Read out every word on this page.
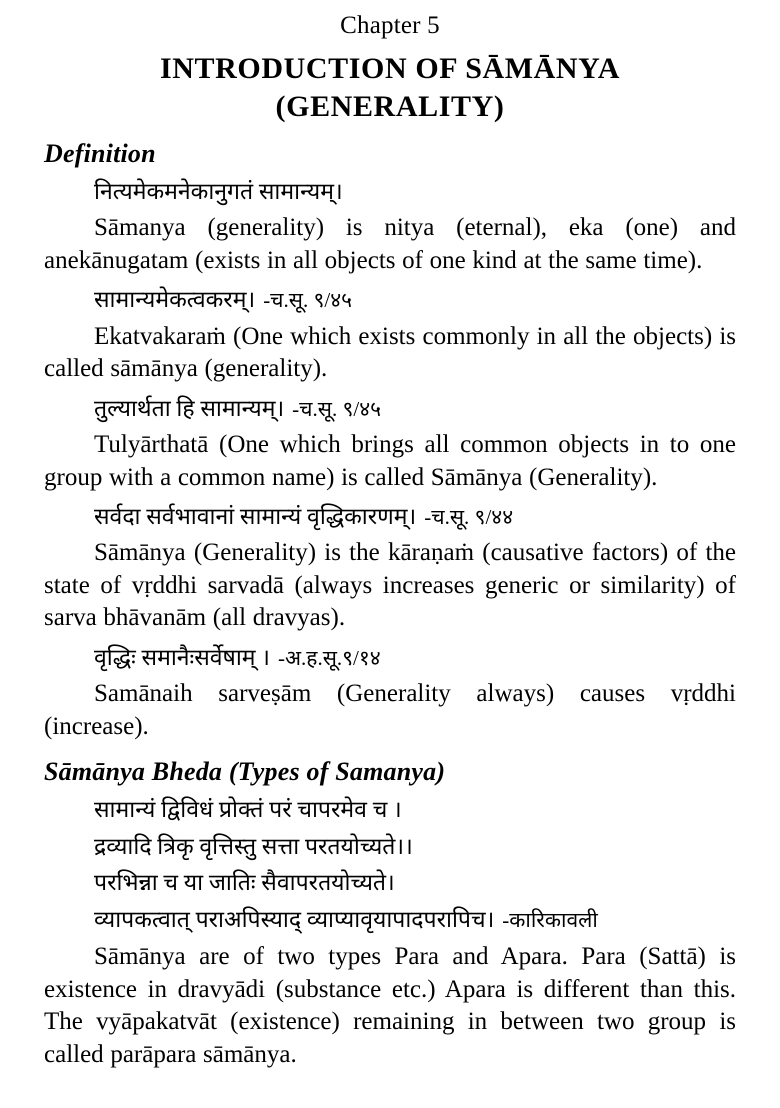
Chapter 5
INTRODUCTION OF SĀMĀNYA
(GENERALITY)
Definition
नित्यमेकमनेकानुगतं सामान्यम्।

Sāmanya (generality) is nitya (eternal), eka (one) and anekānugatam (exists in all objects of one kind at the same time).

सामान्यमेकत्वकरम्। -च.सू. ९/४५

Ekatvakaraṁ (One which exists commonly in all the objects) is called sāmānya (generality).

तुल्यार्थता हि सामान्यम्। -च.सू. ९/४५

Tulyārthatā (One which brings all common objects in to one group with a common name) is called Sāmānya (Generality).

सर्वदा सर्वभावानां सामान्यं वृद्धिकारणम्। -च.सू. ९/४४

Sāmānya (Generality) is the kāraṇaṁ (causative factors) of the state of vṛddhi sarvadā (always increases generic or similarity) of sarva bhāvanām (all dravyas).

वृद्धिः समानैःसर्वेषाम् । -अ.ह.सू.९/१४

Samānaih sarveṣām (Generality always) causes vṛddhi (increase).

Sāmānya Bheda (Types of Samanya)
सामान्यं द्विविधं प्रोक्तं परं चापरमेव च ।
द्रव्यादि त्रिकृ वृत्तिस्तु सत्ता परतयोच्यते।।
परभिन्ना च या जातिः सैवापरतयोच्यते।
व्यापकत्वात् पराअपिस्याद् व्याप्यावृयापादपरापिच। -कारिकावली

Sāmānya are of two types Para and Apara. Para (Sattā) is existence in dravyādi (substance etc.) Apara is different than this. The vyāpakatvāt (existence) remaining in between two group is called parāpara sāmānya.
